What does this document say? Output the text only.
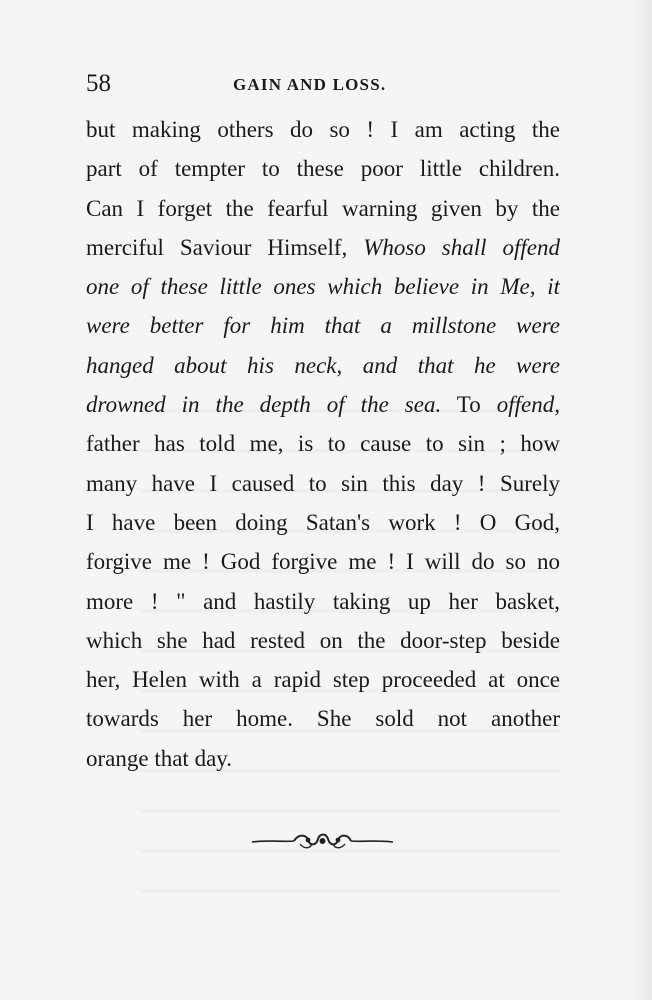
58	GAIN AND LOSS.
but making others do so ! I am acting the
part of tempter to these poor little children.
Can I forget the fearful warning given by the
merciful Saviour Himself, Whoso shall offend
one of these little ones which believe in Me, it
were better for him that a millstone were
hanged about his neck, and that he were
drowned in the depth of the sea. To offend,
father has told me, is to cause to sin ; how
many have I caused to sin this day ! Surely
I have been doing Satan's work ! O God,
forgive me ! God forgive me ! I will do so no
more ! " and hastily taking up her basket,
which she had rested on the door-step beside
her, Helen with a rapid step proceeded at once
towards her home. She sold not another
orange that day.
